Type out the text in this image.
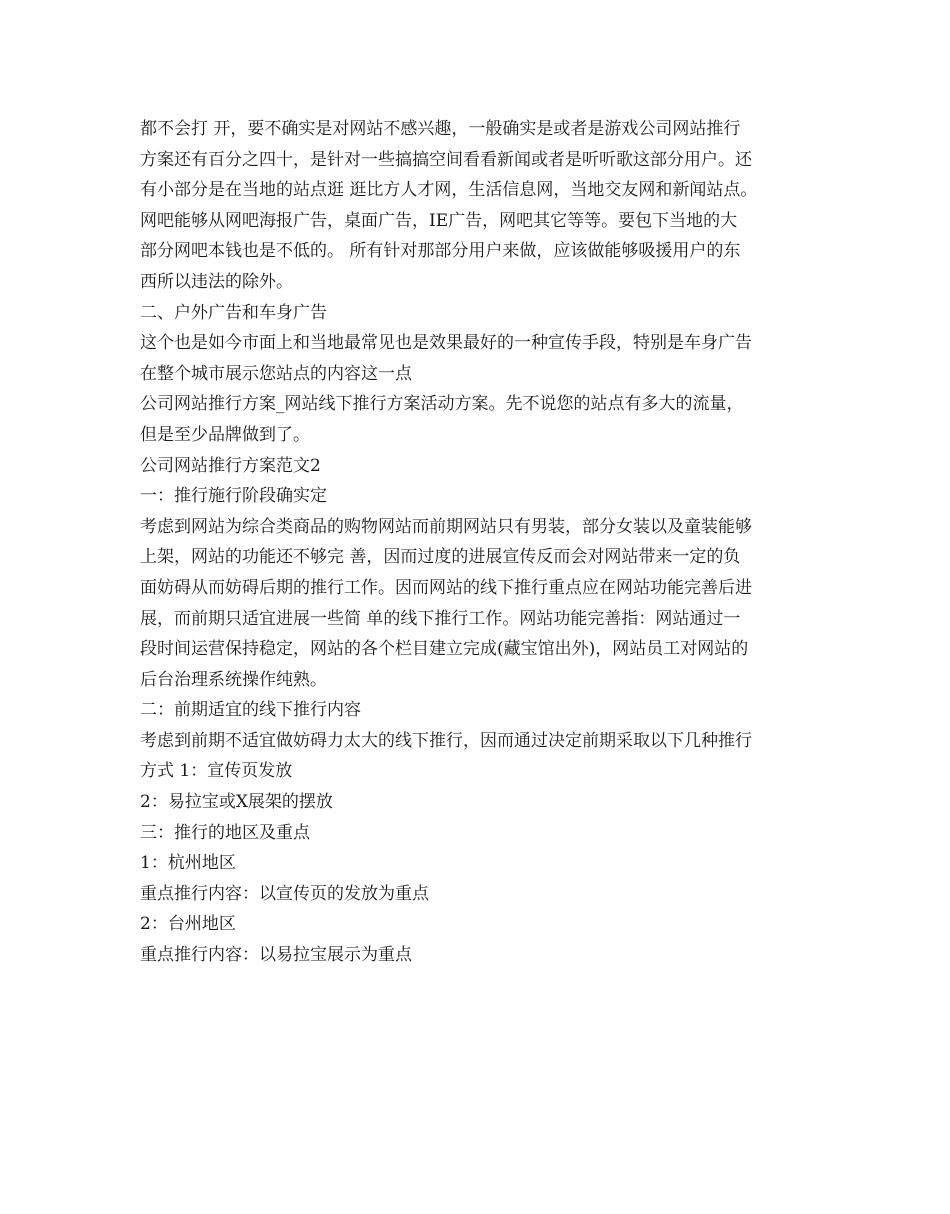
都不会打 开，要不确实是对网站不感兴趣，一般确实是或者是游戏公司网站推行
方案还有百分之四十，是针对一些搞搞空间看看新闻或者是听听歌这部分用户。还
有小部分是在当地的站点逛 逛比方人才网，生活信息网，当地交友网和新闻站点。
网吧能够从网吧海报广告，桌面广告，IE广告，网吧其它等等。要包下当地的大
部分网吧本钱也是不低的。 所有针对那部分用户来做，应该做能够吸援用户的东
西所以违法的除外。
二、户外广告和车身广告
这个也是如今市面上和当地最常见也是效果最好的一种宣传手段，特别是车身广告
在整个城市展示您站点的内容这一点
公司网站推行方案_网站线下推行方案活动方案。先不说您的站点有多大的流量，
但是至少品牌做到了。
公司网站推行方案范文2
一：推行施行阶段确实定
考虑到网站为综合类商品的购物网站而前期网站只有男装，部分女装以及童装能够
上架，网站的功能还不够完 善，因而过度的进展宣传反而会对网站带来一定的负
面妨碍从而妨碍后期的推行工作。因而网站的线下推行重点应在网站功能完善后进
展，而前期只适宜进展一些简 单的线下推行工作。网站功能完善指：网站通过一
段时间运营保持稳定，网站的各个栏目建立完成(藏宝馆出外)，网站员工对网站的
后台治理系统操作纯熟。
二：前期适宜的线下推行内容
考虑到前期不适宜做妨碍力太大的线下推行，因而通过决定前期采取以下几种推行
方式 1：宣传页发放
2：易拉宝或X展架的摆放
三：推行的地区及重点
1：杭州地区
重点推行内容：以宣传页的发放为重点
2：台州地区
重点推行内容：以易拉宝展示为重点
